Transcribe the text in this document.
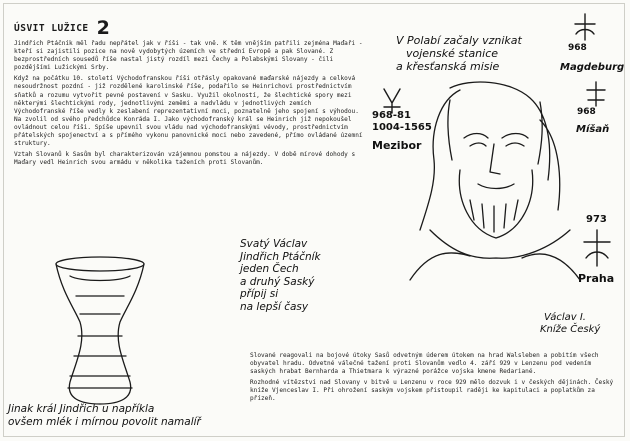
ÚSVIT LUŽICE 2

Jindřich Ptáčník měl řadu nepřátel jak v říši - tak vně. K těm vnějším patřili zejména Maďaři - kteří si zajistili pozice na nově vydobytých územích ve střední Evropě a pak Slované. Z bezprostředních sousedů říše nastal jistý rozdíl mezi Čechy a Polabskými Slovany - čili pozdějšími Lužickými Srby.

Když na počátku 10. století Východofranskou říši otřásly opakované maďarské nájezdy a celková nesoudržnost pozdní - již rozdělené karolinské říše, podařilo se Heinrichovi prostřednictvím sňatků a rozumu vytvořit pevné postavení v Sasku. Využil okolností, že šlechtické spory mezi některými šlechtickými rody, jednotlivými zeměmi a nadvládu v jednotlivých zemích Východofranské říše vedly k zeslabení reprezentativní moci, poznatelně jeho spojení s výhodou. Na zvolil od svého předchůdce Konráda I. Jako východofranský král se Heinrich již nepokoušel ovládnout celou říši. Spíše upevnil svou vládu nad východofranskými vévody, prostřednictvím přátelských spojenectví a s přímého vykonu panovnické moci nebo zavedené, přímo ovládané územní struktury.

Vztah Slovanů k Sasům byl charakterizován vzájemnou pomstou a nájezdy. V době mírové dohody s Maďary vedl Heinrich svou armádu v několika taženích proti Slovanům.

Slované reagovali na bojové útoky Sasů odvetným úderem útokem na hrad Walsleben a pobitím všech obyvatel hradu. Odvetné válečné tažení proti Slovanům vedlo 4. září 929 v Lenzenu pod vedením saských hrabat Bernharda a Thietmara k výrazné porážce vojska kmene Redariané.

Rozhodné vítězství nad Slovany v bitvě u Lenzenu v roce 929 mělo dozvuk i v českých dějinách. Český kníže Vjenceslav I. Při ohrožení saským vojskem přistoupil raději ke kapitulaci a poplatkům za přízeň.

V Polabí začaly vznikat
vojenské stanice
a křesťanská misie
968-81
1004-1565
Mezibor
968
Magdeburg
968
Míšaň
973
Praha
Václav I.
Kníže Český
Svatý Václav
Jindřich Ptáčník
jeden Čech
a druhý Saský
přípij si
na lepší časy
Jinak král Jindřich u napříkla
ovšem mlék i mírnou povolit namalíř
